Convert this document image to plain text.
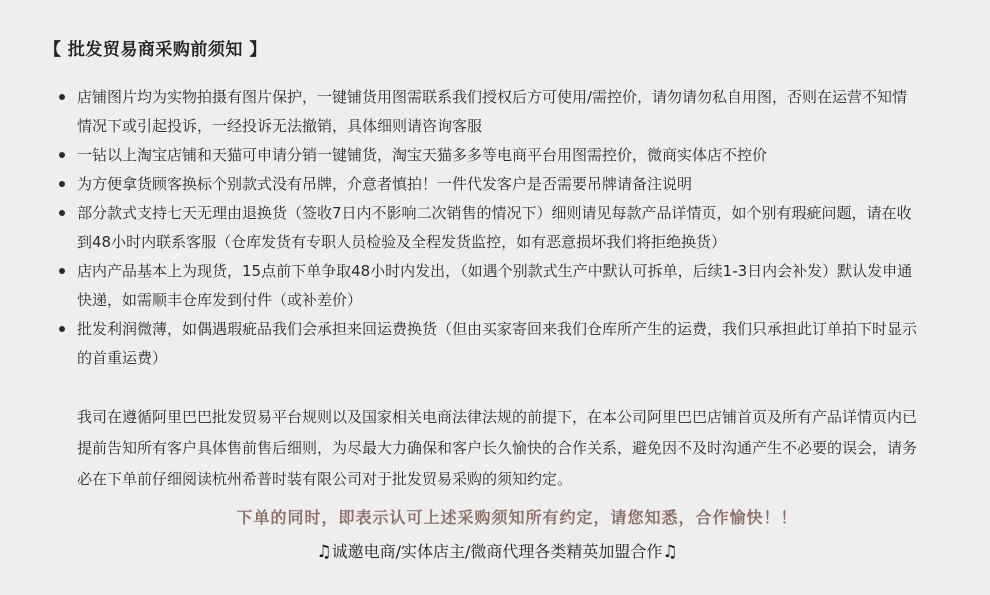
【 批发贸易商采购前须知 】
店铺图片均为实物拍摄有图片保护，一键铺货用图需联系我们授权后方可使用/需控价，请勿请勿私自用图，否则在运营不知情情况下或引起投诉，一经投诉无法撤销，具体细则请咨询客服
一钻以上淘宝店铺和天猫可申请分销一键铺货，淘宝天猫多多等电商平台用图需控价，微商实体店不控价
为方便拿货顾客换标个别款式没有吊牌，介意者慎拍！一件代发客户是否需要吊牌请备注说明
部分款式支持七天无理由退换货（签收7日内不影响二次销售的情况下）细则请见每款产品详情页，如个别有瑕疵问题，请在收到48小时内联系客服（仓库发货有专职人员检验及全程发货监控，如有恶意损坏我们将拒绝换货）
店内产品基本上为现货，15点前下单争取48小时内发出，（如遇个别款式生产中默认可拆单，后续1-3日内会补发）默认发申通快递，如需顺丰仓库发到付件（或补差价）
批发利润微薄，如偶遇瑕疵品我们会承担来回运费换货（但由买家寄回来我们仓库所产生的运费，我们只承担此订单拍下时显示的首重运费）

我司在遵循阿里巴巴批发贸易平台规则以及国家相关电商法律法规的前提下，在本公司阿里巴巴店铺首页及所有产品详情页内已提前告知所有客户具体售前售后细则，为尽最大力确保和客户长久愉快的合作关系，避免因不及时沟通产生不必要的误会，请务必在下单前仔细阅读杭州希普时装有限公司对于批发贸易采购的须知约定。

下单的同时，即表示认可上述采购须知所有约定，请您知悉，合作愉快！！

♫诚邀电商/实体店主/微商代理各类精英加盟合作♫
